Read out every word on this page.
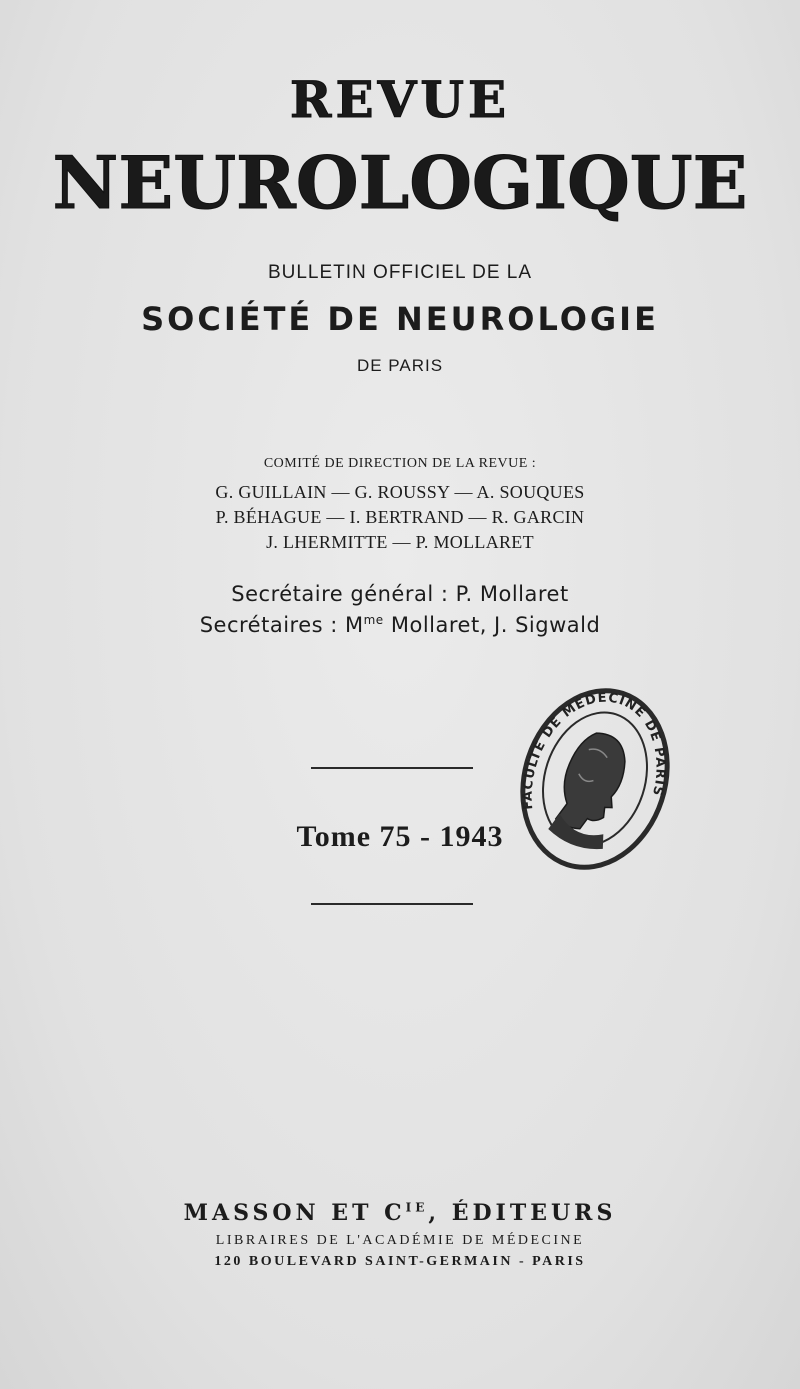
REVUE
NEUROLOGIQUE
BULLETIN OFFICIEL DE LA
SOCIÉTÉ DE NEUROLOGIE
DE PARIS
COMITÉ DE DIRECTION DE LA REVUE :
G. GUILLAIN — G. ROUSSY — A. SOUQUES
P. BÉHAGUE — I. BERTRAND — R. GARCIN
J. LHERMITTE — P. MOLLARET
Secrétaire général : P. Mollaret
Secrétaires : $M^{me}$ Mollaret, J. Sigwald
Tome 75 - 1943
FACULTÉ DE MÉDECINE DE PARIS
MASSON ET $C^{IE}$, ÉDITEURS
LIBRAIRES DE L'ACADÉMIE DE MÉDECINE
120 BOULEVARD SAINT-GERMAIN - PARIS
